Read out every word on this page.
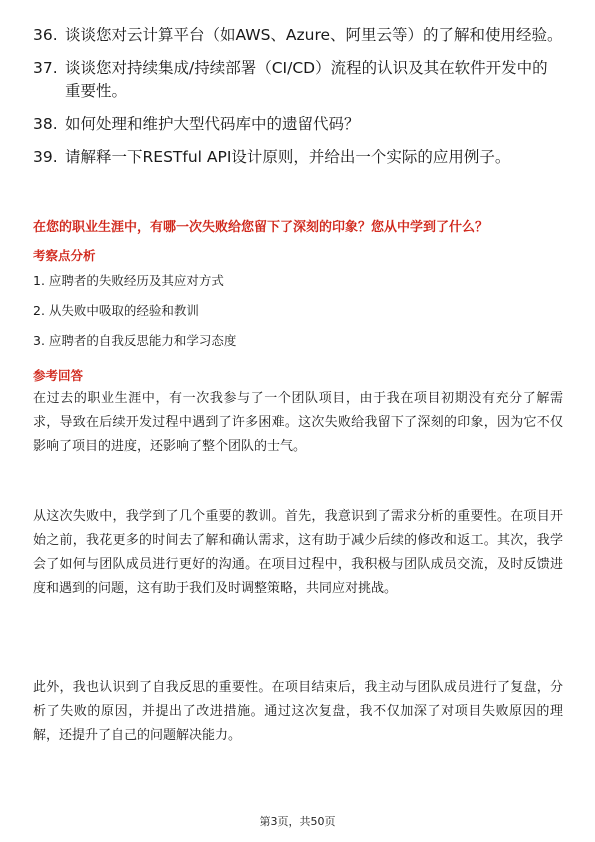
36. 谈谈您对云计算平台（如AWS、Azure、阿里云等）的了解和使用经验。
37. 谈谈您对持续集成/持续部署（CI/CD）流程的认识及其在软件开发中的重要性。
38. 如何处理和维护大型代码库中的遗留代码？
39. 请解释一下RESTful API设计原则，并给出一个实际的应用例子。
在您的职业生涯中，有哪一次失败给您留下了深刻的印象？您从中学到了什么？
考察点分析
1. 应聘者的失败经历及其应对方式
2. 从失败中吸取的经验和教训
3. 应聘者的自我反思能力和学习态度
参考回答
在过去的职业生涯中，有一次我参与了一个团队项目，由于我在项目初期没有充分了解需求，导致在后续开发过程中遇到了许多困难。这次失败给我留下了深刻的印象，因为它不仅影响了项目的进度，还影响了整个团队的士气。
从这次失败中，我学到了几个重要的教训。首先，我意识到了需求分析的重要性。在项目开始之前，我花更多的时间去了解和确认需求，这有助于减少后续的修改和返工。其次，我学会了如何与团队成员进行更好的沟通。在项目过程中，我积极与团队成员交流，及时反馈进度和遇到的问题，这有助于我们及时调整策略，共同应对挑战。
此外，我也认识到了自我反思的重要性。在项目结束后，我主动与团队成员进行了复盘，分析了失败的原因，并提出了改进措施。通过这次复盘，我不仅加深了对项目失败原因的理解，还提升了自己的问题解决能力。
第3页，共50页
